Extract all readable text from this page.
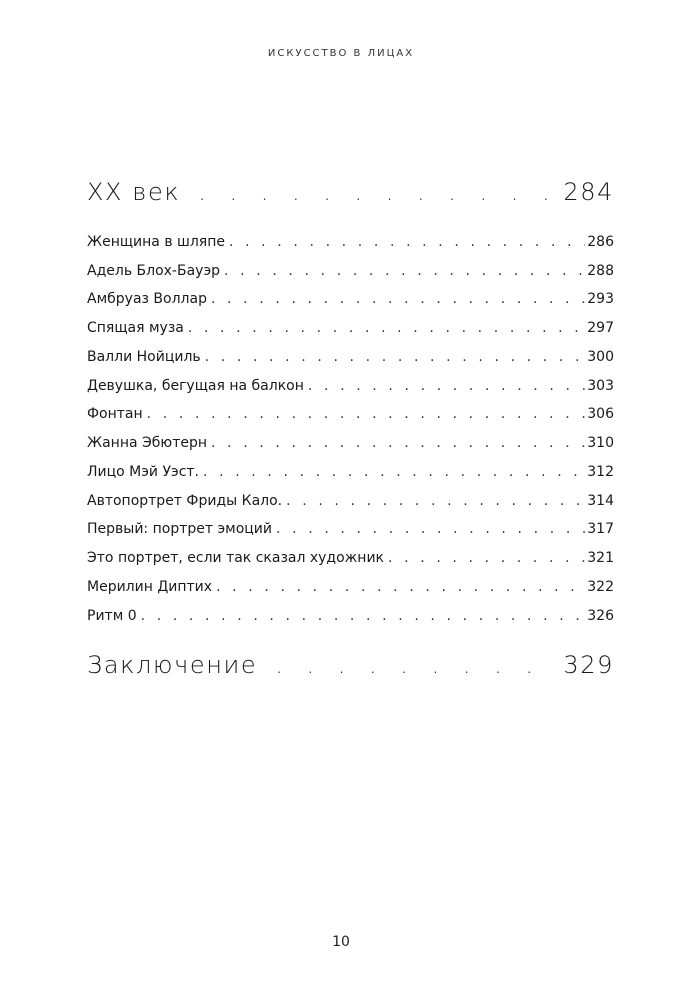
ИСКУССТВО В ЛИЦАХ
XX век . . .	284
Женщина в шляпе . . .	286
Адель Блох-Бауэр . . .	288
Амбруаз Воллар . . .	293
Спящая муза . . .	297
Валли Нойциль . . .	300
Девушка, бегущая на балкон . . .	303
Фонтан . . .	306
Жанна Эбютерн . . .	310
Лицо Мэй Уэст. . . .	312
Автопортрет Фриды Кало. . . .	314
Первый: портрет эмоций . . .	317
Это портрет, если так сказал художник . . .	321
Мерилин Диптих . . .	322
Ритм 0 . . .	326
Заключение . . .	329
10
